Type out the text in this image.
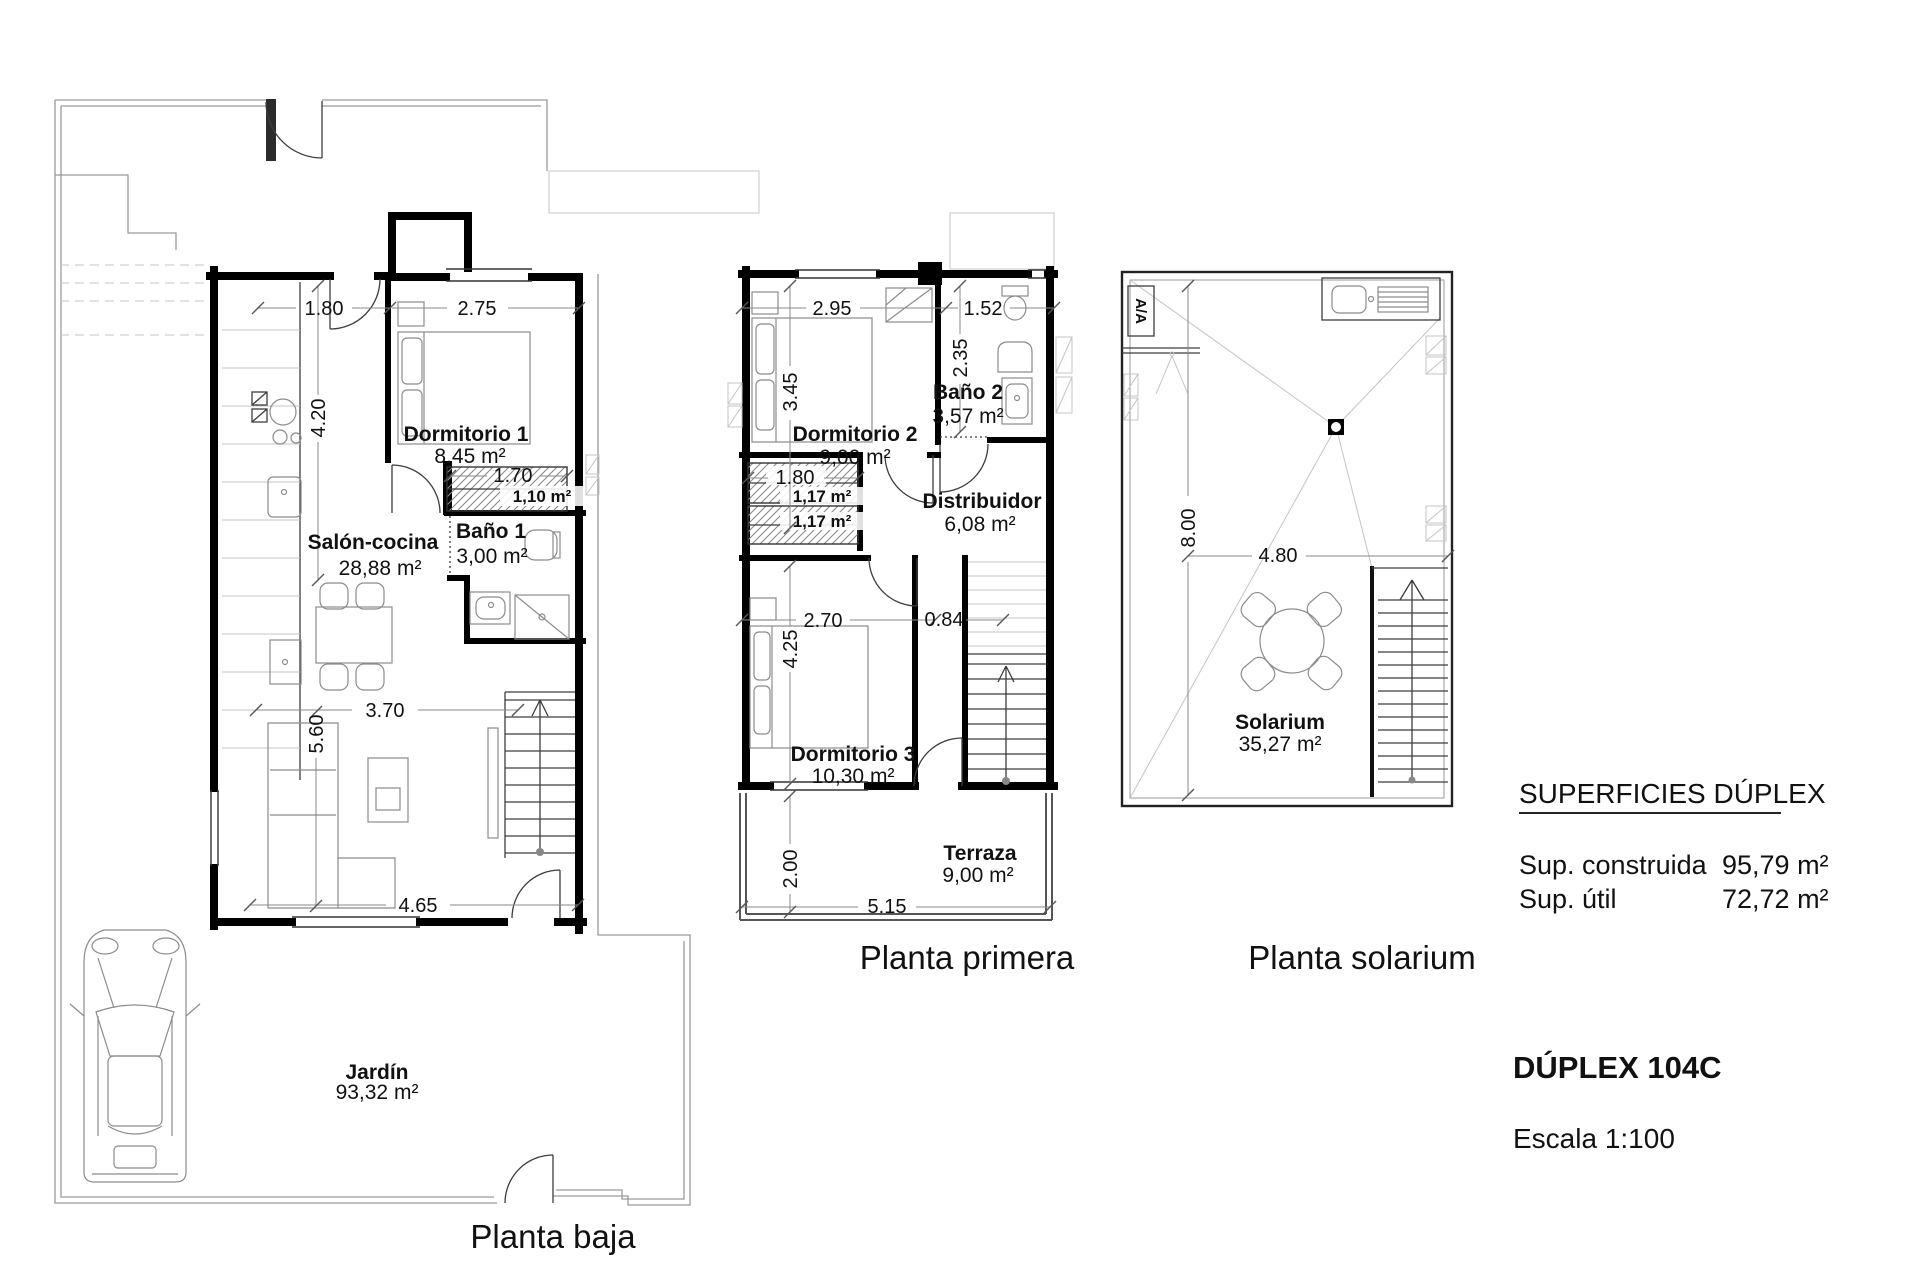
1.80	2.75
4.20
1.70
1,10 m²
3.70
5.60
4.65
Salón-cocina
28,88 m²
Dormitorio 1
8,45 m²
Baño 1
3,00 m²
Jardín
93,32 m²
Planta baja
2.95	1.52
3.45
2.35
1.80
1,17 m²
1,17 m²
2.70	0.84
4.25
2.00
5.15
Dormitorio 2
9,00 m²
Baño 2
3,57 m²
Distribuidor
6,08 m²
Dormitorio 3
10,30 m²
Terraza
9,00 m²
Planta primera
A/A
8.00
4.80
Solarium
35,27 m²
Planta solarium
SUPERFICIES DÚPLEX
Sup. construida 95,79 m²
Sup. útil	72,72 m²
DÚPLEX 104C
Escala 1:100
